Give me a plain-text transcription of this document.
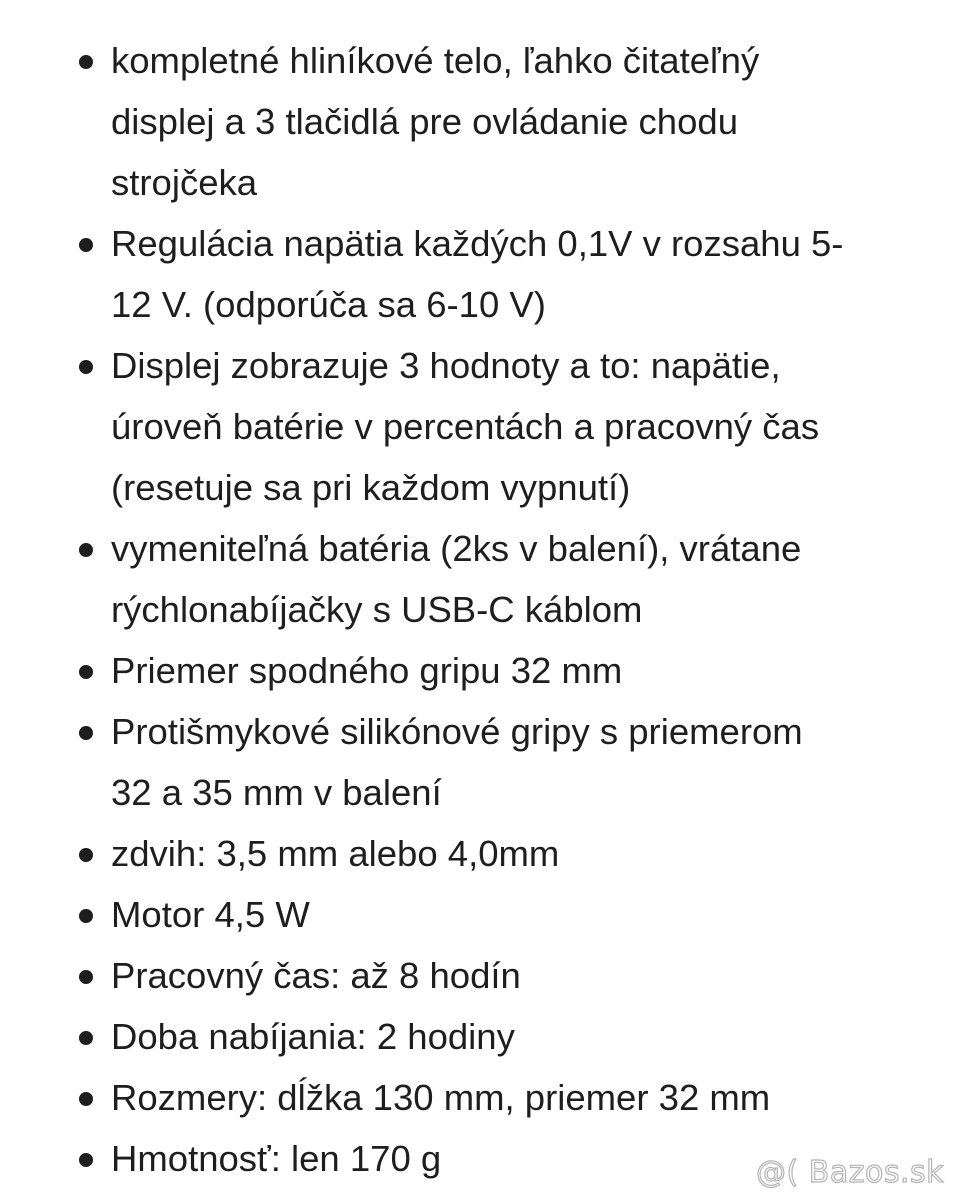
kompletné hliníkové telo, ľahko čitateľný
displej a 3 tlačidlá pre ovládanie chodu
strojčeka
Regulácia napätia každých 0,1V v rozsahu 5-
12 V. (odporúča sa 6-10 V)
Displej zobrazuje 3 hodnoty a to: napätie,
úroveň batérie v percentách a pracovný čas
(resetuje sa pri každom vypnutí)
vymeniteľná batéria (2ks v balení), vrátane
rýchlonabíjačky s USB-C káblom
Priemer spodného gripu 32 mm
Protišmykové silikónové gripy s priemerom
32 a 35 mm v balení
zdvih: 3,5 mm alebo 4,0mm
Motor 4,5 W
Pracovný čas: až 8 hodín
Doba nabíjania: 2 hodiny
Rozmery: dĺžka 130 mm, priemer 32 mm
Hmotnosť: len 170 g	@( Bazos.sk
